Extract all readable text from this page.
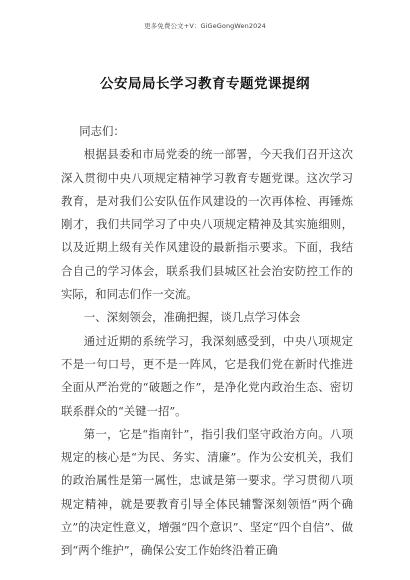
更多免费公文+V：GiGeGongWen2024
公安局局长学习教育专题党课提纲

同志们：

根据县委和市局党委的统一部署，今天我们召开这次深入贯彻中央八项规定精神学习教育专题党课。这次学习教育，是对我们公安队伍作风建设的一次再体检、再锤炼刚才，我们共同学习了中央八项规定精神及其实施细则，以及近期上级有关作风建设的最新指示要求。下面，我结合自己的学习体会，联系我们县城区社会治安防控工作的实际，和同志们作一交流。

一、深刻领会，准确把握，谈几点学习体会

通过近期的系统学习，我深刻感受到，中央八项规定不是一句口号，更不是一阵风，它是我们党在新时代推进全面从严治党的“破题之作”，是净化党内政治生态、密切联系群众的“关键一招”。

第一，它是“指南针”，指引我们坚守政治方向。八项规定的核心是“为民、务实、清廉”。作为公安机关，我们的政治属性是第一属性，忠诚是第一要求。学习贯彻八项规定精神，就是要教育引导全体民辅警深刻领悟“两个确立”的决定性意义，增强“四个意识”、坚定“四个自信”、做到“两个维护”，确保公安工作始终沿着正确
